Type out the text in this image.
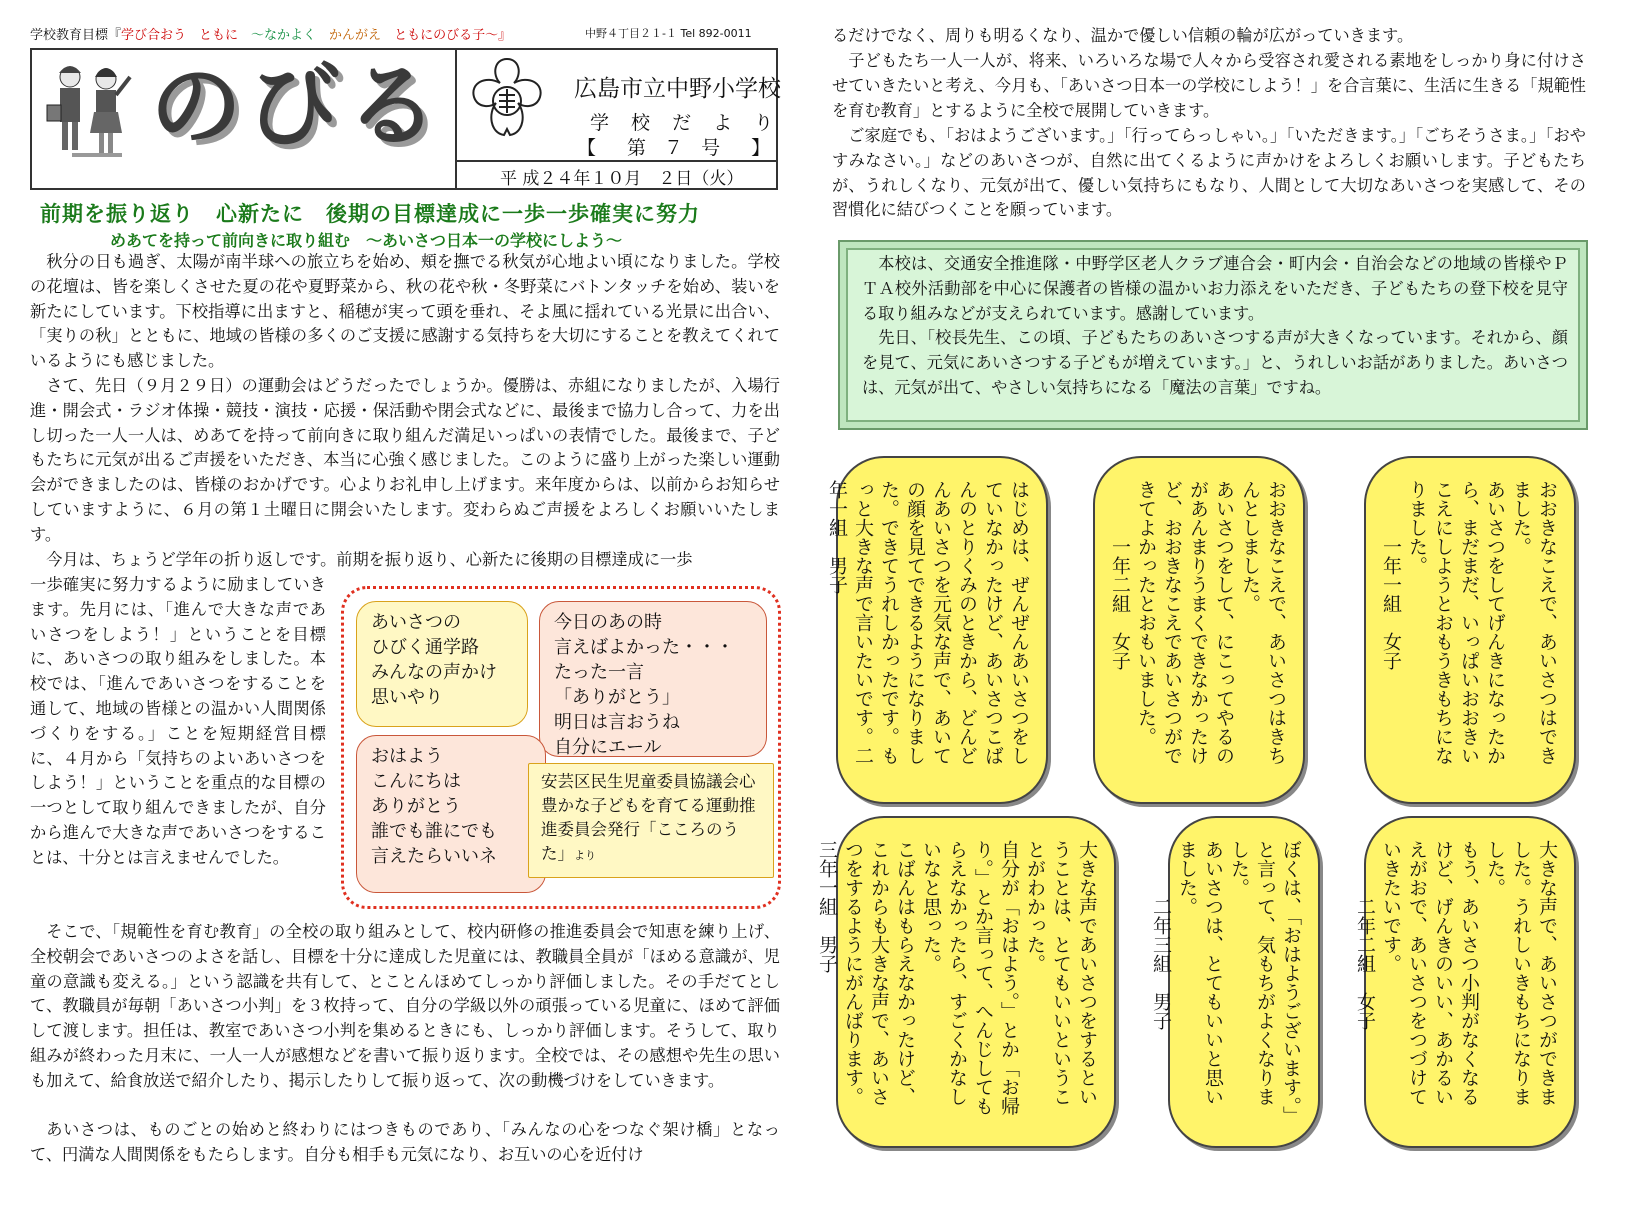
学校教育目標『学び合おう　ともに　～なかよく　かんがえ　ともにのびる子～』	中野４丁目２１-１ Tel 892-0011
のびる	広島市立中野小学校
学 校 だ よ り
【　第 ７ 号　】
平 成２４年１０月　２日（火）
前期を振り返り　心新たに　後期の目標達成に一歩一歩確実に努力
めあてを持って前向きに取り組む　～あいさつ日本一の学校にしよう～

秋分の日も過ぎ、太陽が南半球への旅立ちを始め、頬を撫でる秋気が心地よい頃になりました。学校の花壇は、皆を楽しくさせた夏の花や夏野菜から、秋の花や秋・冬野菜にバトンタッチを始め、装いを新たにしています。下校指導に出ますと、稲穂が実って頭を垂れ、そよ風に揺れている光景に出合い、「実りの秋」とともに、地域の皆様の多くのご支援に感謝する気持ちを大切にすることを教えてくれているようにも感じました。

さて、先日（９月２９日）の運動会はどうだったでしょうか。優勝は、赤組になりましたが、入場行進・開会式・ラジオ体操・競技・演技・応援・保活動や閉会式などに、最後まで協力し合って、力を出し切った一人一人は、めあてを持って前向きに取り組んだ満足いっぱいの表情でした。最後まで、子どもたちに元気が出るご声援をいただき、本当に心強く感じました。このように盛り上がった楽しい運動会ができましたのは、皆様のおかげです。心よりお礼申し上げます。来年度からは、以前からお知らせしていますように、６月の第１土曜日に開会いたします。変わらぬご声援をよろしくお願いいたします。

今月は、ちょうど学年の折り返しです。前期を振り返り、心新たに後期の目標達成に一歩

一歩確実に努力するように励ましていきます。先月には、「進んで大きな声であいさつをしよう！」ということを目標に、あいさつの取り組みをしました。本校では、「進んであいさつをすることを通して、地域の皆様との温かい人間関係づくりをする。」ことを短期経営目標に、４月から「気持ちのよいあいさつをしよう！」ということを重点的な目標の一つとして取り組んできましたが、自分から進んで大きな声であいさつをすることは、十分とは言えませんでした。

あいさつの
ひびく通学路
みんなの声かけ
思いやり
今日のあの時
言えばよかった・・・
たった一言
「ありがとう」
明日は言おうね
自分にエール
おはよう
こんにちは
ありがとう
誰でも誰にでも
言えたらいいネ
安芸区民生児童委員協議会心豊かな子どもを育てる運動推進委員会発行「こころのうた」より

そこで、「規範性を育む教育」の全校の取り組みとして、校内研修の推進委員会で知恵を練り上げ、全校朝会であいさつのよさを話し、目標を十分に達成した児童には、教職員全員が「ほめる意識が、児童の意識も変える。」という認識を共有して、とことんほめてしっかり評価しました。その手だてとして、教職員が毎朝「あいさつ小判」を３枚持って、自分の学級以外の頑張っている児童に、ほめて評価して渡します。担任は、教室であいさつ小判を集めるときにも、しっかり評価します。そうして、取り組みが終わった月末に、一人一人が感想などを書いて振り返ります。全校では、その感想や先生の思いも加えて、給食放送で紹介したり、掲示したりして振り返って、次の動機づけをしていきます。

あいさつは、ものごとの始めと終わりにはつきものであり、「みんなの心をつなぐ架け橋」となって、円満な人間関係をもたらします。自分も相手も元気になり、お互いの心を近付け

るだけでなく、周りも明るくなり、温かで優しい信頼の輪が広がっていきます。

子どもたち一人一人が、将来、いろいろな場で人々から受容され愛される素地をしっかり身に付けさせていきたいと考え、今月も、「あいさつ日本一の学校にしよう！」を合言葉に、生活に生きる「規範性を育む教育」とするように全校で展開していきます。

ご家庭でも、「おはようございます。」「行ってらっしゃい。」「いただきます。」「ごちそうさま。」「おやすみなさい。」などのあいさつが、自然に出てくるように声かけをよろしくお願いします。子どもたちが、うれしくなり、元気が出て、優しい気持ちにもなり、人間として大切なあいさつを実感して、その習慣化に結びつくことを願っています。

本校は、交通安全推進隊・中野学区老人クラブ連合会・町内会・自治会などの地域の皆様やＰＴＡ校外活動部を中心に保護者の皆様の温かいお力添えをいただき、子どもたちの登下校を見守る取り組みなどが支えられています。感謝しています。

先日、「校長先生、この頃、子どもたちのあいさつする声が大きくなっています。それから、顔を見て、元気にあいさつする子どもが増えています。」と、うれしいお話がありました。あいさつは、元気が出て、やさしい気持ちになる「魔法の言葉」ですね。

おおきなこえで、あいさつはできました。
あいさつをしてげんきになったから、まだまだ、いっぱいおおきいこえにしようとおもうきもちになりました。
　　　一年一組　女子

おおきなこえで、あいさつはきちんとしました。
あいさつをして、にこってやるのがあんまりうまくできなかったけど、おおきなこえであいさつができてよかったとおもいました。
　　　一年二組　女子

はじめは、ぜんぜんあいさつをしていなかったけど、あいさつこばんのとりくみのときから、どんどんあいさつを元気な声で、あいての顔を見てできるようになりました。できてうれしかったです。もっと大きな声で言いたいです。二年一組　男子

大きな声で、あいさつができました。うれしいきもちになりました。
もう、あいさつ小判がなくなるけど、げんきのいい、あかるいえがおで、あいさつをつづけていきたいです。
　　　二年二組　女子

ぼくは、「おはようございます。」と言って、気もちがよくなりました。
あいさつは、とてもいいと思いました。
　　　二年三組　男子

大きな声であいさつをするということは、とてもいいということがわかった。
自分が「おはよう。」とか「お帰り。」とか言って、へんじしてもらえなかったら、すごくかなしいなと思った。
こばんはもらえなかったけど、これからも大きな声で、あいさつをするようにがんばります。三年一組　男子
